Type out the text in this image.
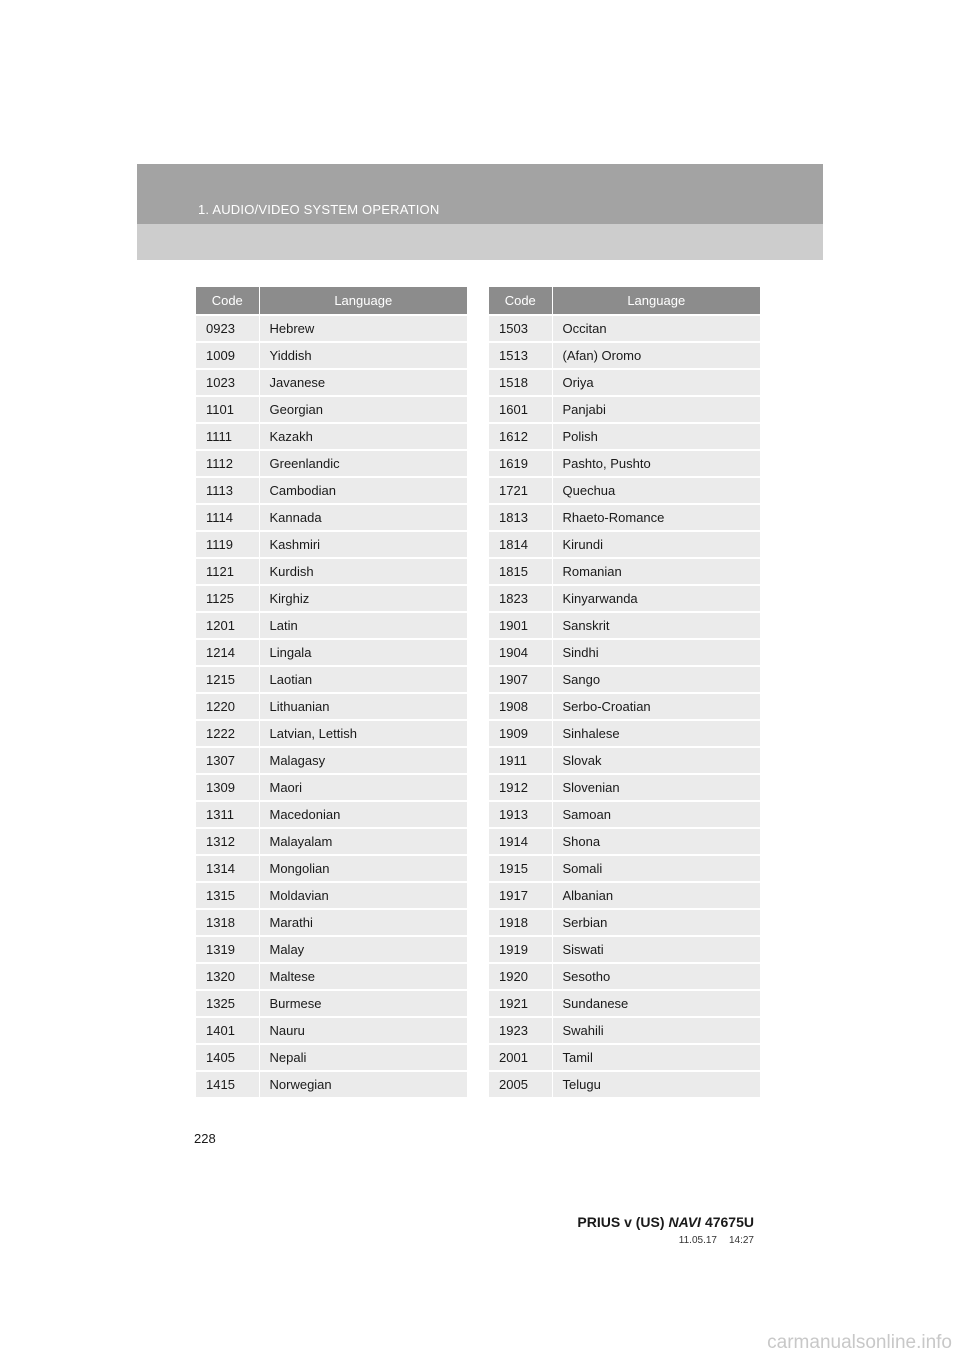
1. AUDIO/VIDEO SYSTEM OPERATION
Code	Language
0923	Hebrew
1009	Yiddish
1023	Javanese
1101	Georgian
1111	Kazakh
1112	Greenlandic
1113	Cambodian
1114	Kannada
1119	Kashmiri
1121	Kurdish
1125	Kirghiz
1201	Latin
1214	Lingala
1215	Laotian
1220	Lithuanian
1222	Latvian, Lettish
1307	Malagasy
1309	Maori
1311	Macedonian
1312	Malayalam
1314	Mongolian
1315	Moldavian
1318	Marathi
1319	Malay
1320	Maltese
1325	Burmese
1401	Nauru
1405	Nepali
1415	Norwegian
Code	Language
1503	Occitan
1513	(Afan) Oromo
1518	Oriya
1601	Panjabi
1612	Polish
1619	Pashto, Pushto
1721	Quechua
1813	Rhaeto-Romance
1814	Kirundi
1815	Romanian
1823	Kinyarwanda
1901	Sanskrit
1904	Sindhi
1907	Sango
1908	Serbo-Croatian
1909	Sinhalese
1911	Slovak
1912	Slovenian
1913	Samoan
1914	Shona
1915	Somali
1917	Albanian
1918	Serbian
1919	Siswati
1920	Sesotho
1921	Sundanese
1923	Swahili
2001	Tamil
2005	Telugu
228
PRIUS v (US) NAVI 47675U
11.05.17 14:27
carmanualsonline.info
